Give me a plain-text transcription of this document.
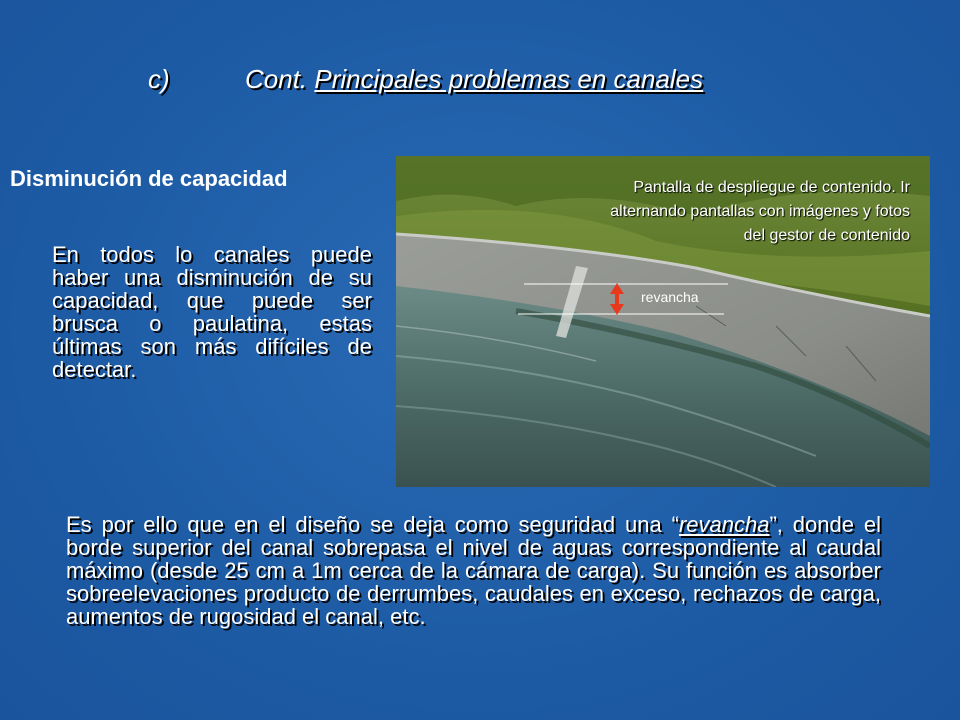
c)	Cont. Principales problemas en canales
Disminución de capacidad
En todos lo canales puede haber una disminución de su capacidad, que puede ser brusca o paulatina, estas últimas son más difíciles de detectar.
Pantalla de despliegue de contenido. Ir alternando pantallas con imágenes y fotos del gestor de contenido
revancha
Es por ello que en el diseño se deja como seguridad una “revancha”, donde el borde superior del canal sobrepasa el nivel de aguas correspondiente al caudal máximo (desde 25 cm a 1m cerca de la cámara de carga). Su función es absorber sobreelevaciones producto de derrumbes, caudales en exceso, rechazos de carga, aumentos de rugosidad el canal, etc.
